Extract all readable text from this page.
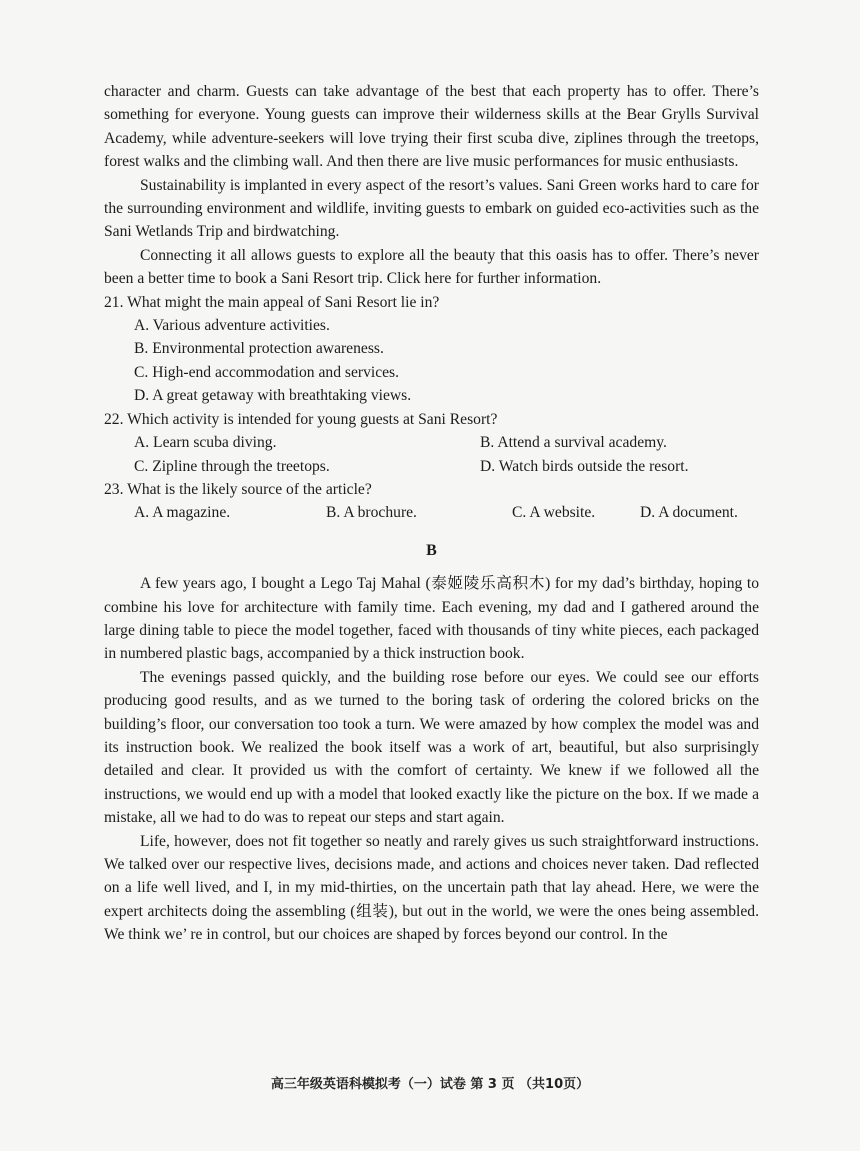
character and charm. Guests can take advantage of the best that each property has to offer. There’s something for everyone. Young guests can improve their wilderness skills at the Bear Grylls Survival Academy, while adventure-seekers will love trying their first scuba dive, ziplines through the treetops, forest walks and the climbing wall. And then there are live music performances for music enthusiasts.

Sustainability is implanted in every aspect of the resort’s values. Sani Green works hard to care for the surrounding environment and wildlife, inviting guests to embark on guided eco-activities such as the Sani Wetlands Trip and birdwatching.

Connecting it all allows guests to explore all the beauty that this oasis has to offer. There’s never been a better time to book a Sani Resort trip. Click here for further information.

21. What might the main appeal of Sani Resort lie in?

A. Various adventure activities.

B. Environmental protection awareness.

C. High-end accommodation and services.

D. A great getaway with breathtaking views.

22. Which activity is intended for young guests at Sani Resort?

A. Learn scuba diving.	B. Attend a survival academy.

C. Zipline through the treetops.	D. Watch birds outside the resort.

23. What is the likely source of the article?

A. A magazine.	B. A brochure.	C. A website.	D. A document.

B

A few years ago, I bought a Lego Taj Mahal (泰姬陵乐高积木) for my dad’s birthday, hoping to combine his love for architecture with family time. Each evening, my dad and I gathered around the large dining table to piece the model together, faced with thousands of tiny white pieces, each packaged in numbered plastic bags, accompanied by a thick instruction book.

The evenings passed quickly, and the building rose before our eyes. We could see our efforts producing good results, and as we turned to the boring task of ordering the colored bricks on the building’s floor, our conversation too took a turn. We were amazed by how complex the model was and its instruction book. We realized the book itself was a work of art, beautiful, but also surprisingly detailed and clear. It provided us with the comfort of certainty. We knew if we followed all the instructions, we would end up with a model that looked exactly like the picture on the box. If we made a mistake, all we had to do was to repeat our steps and start again.

Life, however, does not fit together so neatly and rarely gives us such straightforward instructions. We talked over our respective lives, decisions made, and actions and choices never taken. Dad reflected on a life well lived, and I, in my mid-thirties, on the uncertain path that lay ahead. Here, we were the expert architects doing the assembling (组装), but out in the world, we were the ones being assembled. We think we’ re in control, but our choices are shaped by forces beyond our control. In the

高三年级英语科模拟考（一）试卷 第 3 页 （共10页）
